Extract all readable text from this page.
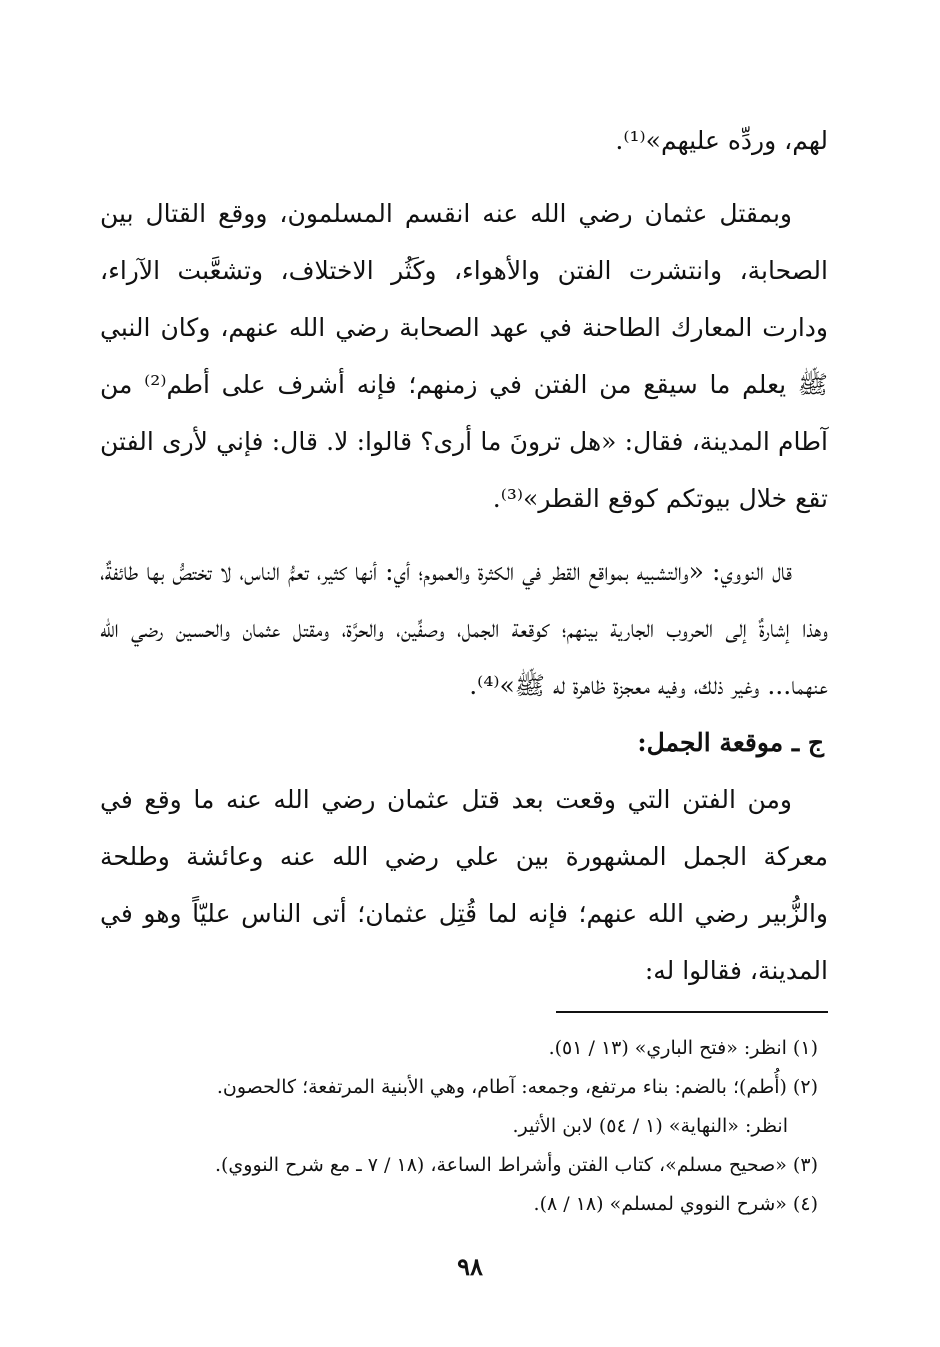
لهم، وردِّه عليهم»⁽¹⁾.

وبمقتل عثمان رضي الله عنه انقسم المسلمون، ووقع القتال بين الصحابة، وانتشرت الفتن والأهواء، وكَثُر الاختلاف، وتشعَّبت الآراء، ودارت المعارك الطاحنة في عهد الصحابة رضي الله عنهم، وكان النبي ﷺ يعلم ما سيقع من الفتن في زمنهم؛ فإنه أشرف على أطم⁽²⁾ من آطام المدينة، فقال: «هل ترونَ ما أرى؟ قالوا: لا. قال: فإني لأرى الفتن تقع خلال بيوتكم كوقع القطر»⁽³⁾.

قال النووي: «والتشبيه بمواقع القطر في الكثرة والعموم؛ أي: أنها كثير، تعمُّ الناس، لا تختصُّ بها طائفةٌ، وهذا إشارةٌ إلى الحروب الجارية بينهم؛ كوقعة الجمل، وصفِّين، والحرَّة، ومقتل عثمان والحسين رضي الله عنهما... وغير ذلك، وفيه معجزة ظاهرة له ﷺ»⁽⁴⁾.

ج ـ موقعة الجمل:

ومن الفتن التي وقعت بعد قتل عثمان رضي الله عنه ما وقع في معركة الجمل المشهورة بين علي رضي الله عنه وعائشة وطلحة والزُّبير رضي الله عنهم؛ فإنه لما قُتِل عثمان؛ أتى الناس عليّاً وهو في المدينة، فقالوا له:

(١) انظر: «فتح الباري» (١٣ / ٥١).

(٢) (أُطم)؛ بالضم: بناء مرتفع، وجمعه: آطام، وهي الأبنية المرتفعة؛ كالحصون.

انظر: «النهاية» (١ / ٥٤) لابن الأثير.

(٣) «صحيح مسلم»، كتاب الفتن وأشراط الساعة، (١٨ / ٧ ـ مع شرح النووي).

(٤) «شرح النووي لمسلم» (١٨ / ٨).

٩٨
